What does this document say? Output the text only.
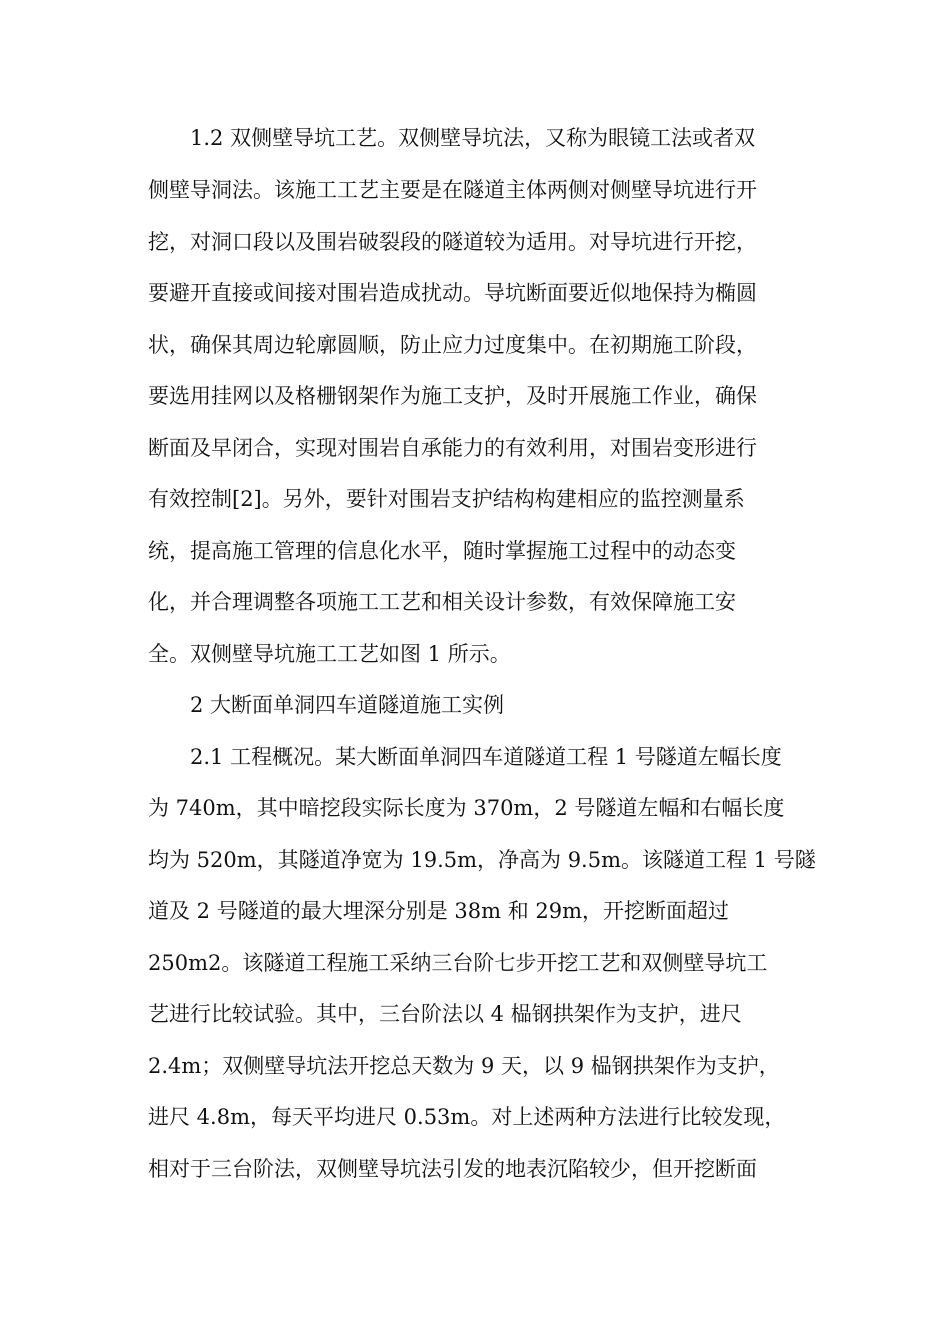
1.2 双侧壁导坑工艺。双侧壁导坑法，又称为眼镜工法或者双
侧壁导洞法。该施工工艺主要是在隧道主体两侧对侧壁导坑进行开
挖，对洞口段以及围岩破裂段的隧道较为适用。对导坑进行开挖，
要避开直接或间接对围岩造成扰动。导坑断面要近似地保持为椭圆
状，确保其周边轮廓圆顺，防止应力过度集中。在初期施工阶段，
要选用挂网以及格栅钢架作为施工支护，及时开展施工作业，确保
断面及早闭合，实现对围岩自承能力的有效利用，对围岩变形进行
有效控制[2]。另外，要针对围岩支护结构构建相应的监控测量系
统，提高施工管理的信息化水平，随时掌握施工过程中的动态变
化，并合理调整各项施工工艺和相关设计参数，有效保障施工安
全。双侧壁导坑施工工艺如图 1 所示。
2 大断面单洞四车道隧道施工实例
2.1 工程概况。某大断面单洞四车道隧道工程 1 号隧道左幅长度
为 740m，其中暗挖段实际长度为 370m，2 号隧道左幅和右幅长度
均为 520m，其隧道净宽为 19.5m，净高为 9.5m。该隧道工程 1 号隧
道及 2 号隧道的最大埋深分别是 38m 和 29m，开挖断面超过
250m2。该隧道工程施工采纳三台阶七步开挖工艺和双侧壁导坑工
艺进行比较试验。其中，三台阶法以 4 榀钢拱架作为支护，进尺
2.4m；双侧壁导坑法开挖总天数为 9 天，以 9 榀钢拱架作为支护，
进尺 4.8m，每天平均进尺 0.53m。对上述两种方法进行比较发现，
相对于三台阶法，双侧壁导坑法引发的地表沉陷较少，但开挖断面
